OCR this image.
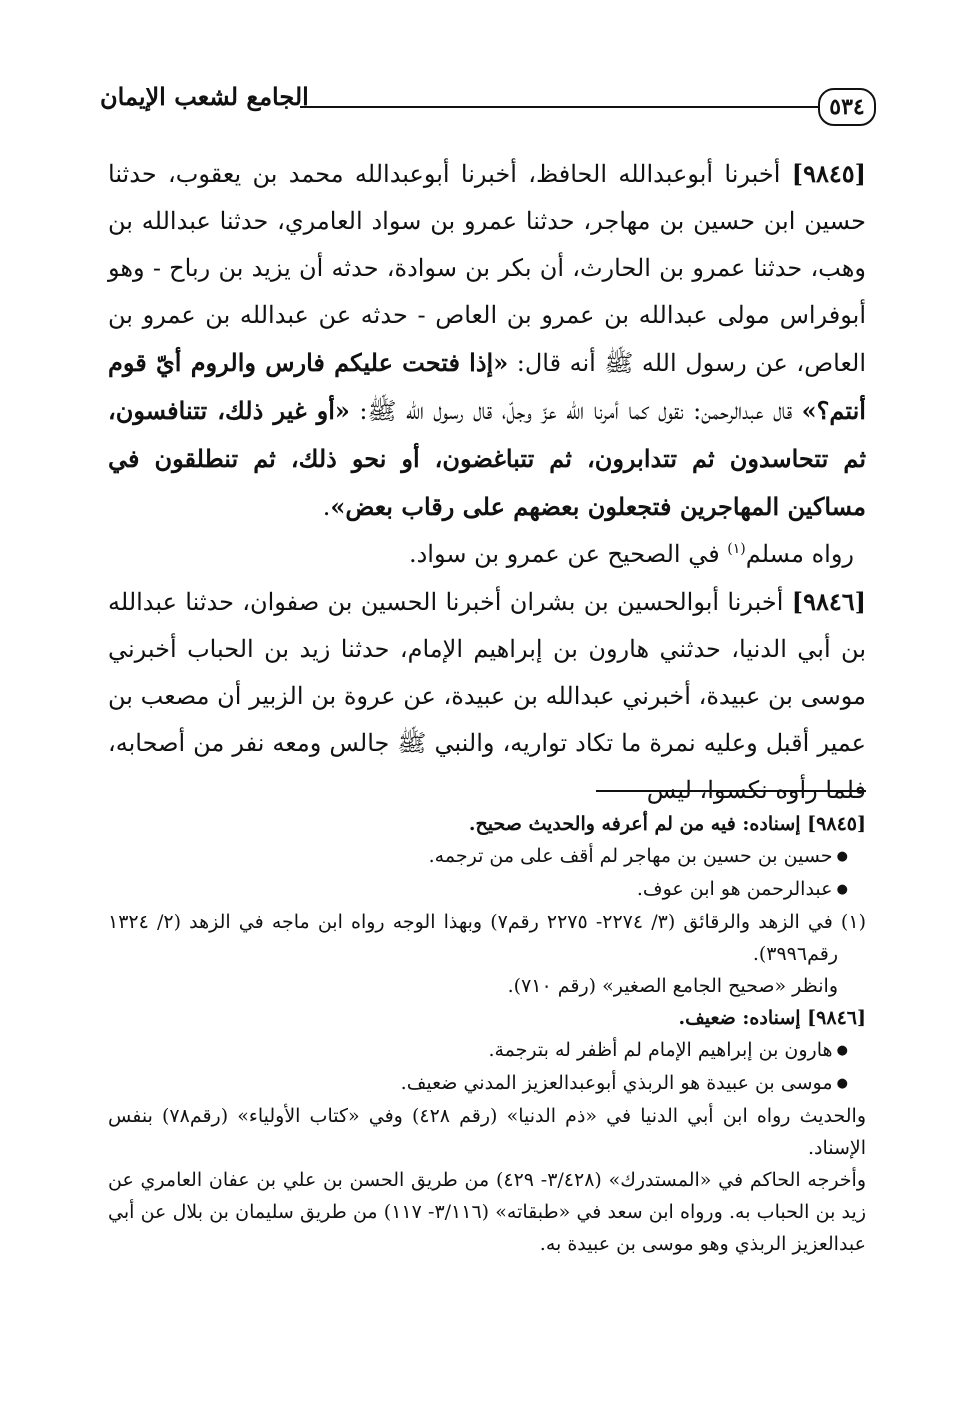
٥٣٤
الجامع لشعب الإيمان

[٩٨٤٥] أخبرنا أبوعبدالله الحافظ، أخبرنا أبوعبدالله محمد بن يعقوب، حدثنا حسين ابن حسين بن مهاجر، حدثنا عمرو بن سواد العامري، حدثنا عبدالله بن وهب، حدثنا عمرو بن الحارث، أن بكر بن سوادة، حدثه أن يزيد بن رباح - وهو أبوفراس مولى عبدالله بن عمرو بن العاص - حدثه عن عبدالله بن عمرو بن العاص، عن رسول الله ﷺ أنه قال: «إذا فتحت عليكم فارس والروم أيّ قوم أنتم؟» قال عبدالرحمن: نقول كما أمرنا الله عزّ وجلّ، قال رسول الله ﷺ: «أو غير ذلك، تتنافسون، ثم تتحاسدون ثم تتدابرون، ثم تتباغضون، أو نحو ذلك، ثم تنطلقون في مساكين المهاجرين فتجعلون بعضهم على رقاب بعض».

رواه مسلم$^{(١)}$ في الصحيح عن عمرو بن سواد.

[٩٨٤٦] أخبرنا أبوالحسين بن بشران أخبرنا الحسين بن صفوان، حدثنا عبدالله بن أبي الدنيا، حدثني هارون بن إبراهيم الإمام، حدثنا زيد بن الحباب أخبرني موسى بن عبيدة، أخبرني عبدالله بن عبيدة، عن عروة بن الزبير أن مصعب بن عمير أقبل وعليه نمرة ما تكاد تواريه، والنبي ﷺ جالس ومعه نفر من أصحابه، فلما رأوه نكسوا، ليس

[٩٨٤٥] إسناده: فيه من لم أعرفه والحديث صحيح.

● حسين بن حسين بن مهاجر لم أقف على من ترجمه.

● عبدالرحمن هو ابن عوف.

(١) في الزهد والرقائق (٣/ ٢٢٧٤- ٢٢٧٥ رقم٧) وبهذا الوجه رواه ابن ماجه في الزهد (٢/ ١٣٢٤ رقم٣٩٩٦).

وانظر «صحيح الجامع الصغير» (رقم ٧١٠).

[٩٨٤٦] إسناده: ضعيف.

● هارون بن إبراهيم الإمام لم أظفر له بترجمة.

● موسى بن عبيدة هو الربذي أبوعبدالعزيز المدني ضعيف.

والحديث رواه ابن أبي الدنيا في «ذم الدنيا» (رقم ٤٢٨) وفي «كتاب الأولياء» (رقم٧٨) بنفس الإسناد.

وأخرجه الحاكم في «المستدرك» (٣/٤٢٨- ٤٢٩) من طريق الحسن بن علي بن عفان العامري عن زيد بن الحباب به. ورواه ابن سعد في «طبقاته» (٣/١١٦- ١١٧) من طريق سليمان بن بلال عن أبي عبدالعزيز الربذي وهو موسى بن عبيدة به.
